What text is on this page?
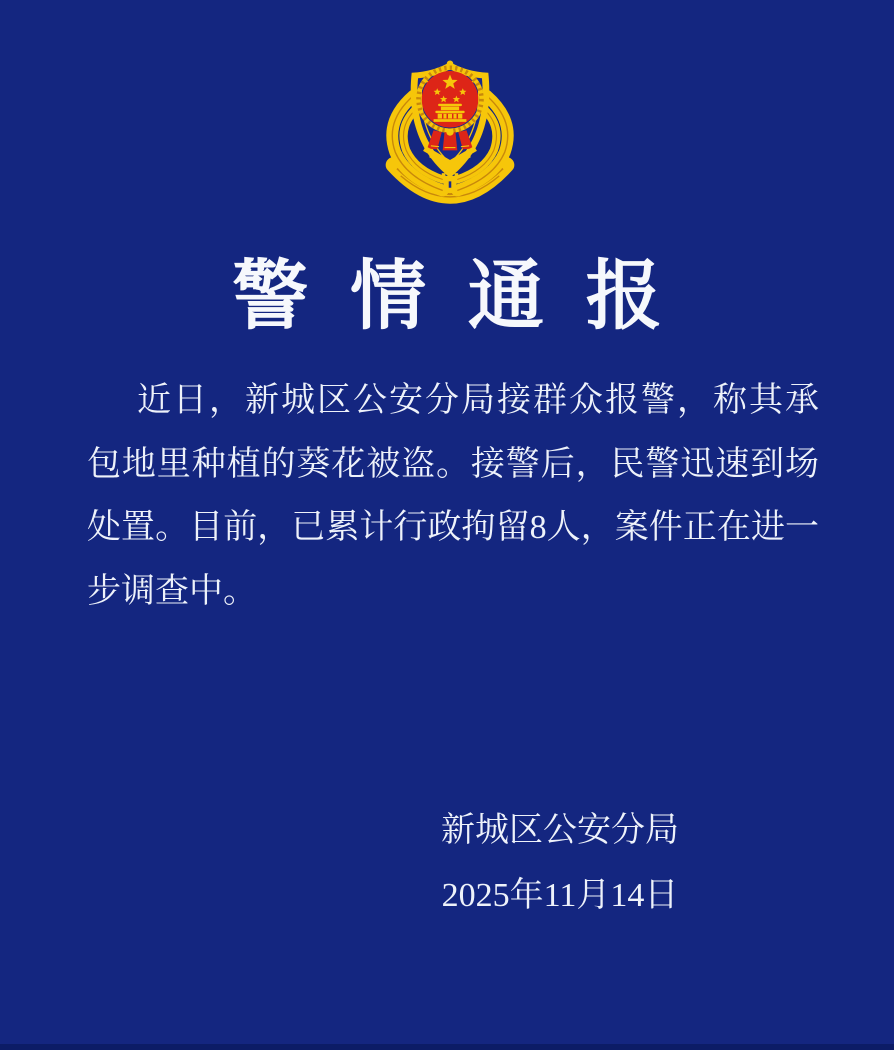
警情通报

近日，新城区公安分局接群众报警，称其承

包地里种植的葵花被盗。接警后，民警迅速到场

处置。目前，已累计行政拘留8人，案件正在进一

步调查中。

新城区公安分局
2025年11月14日
